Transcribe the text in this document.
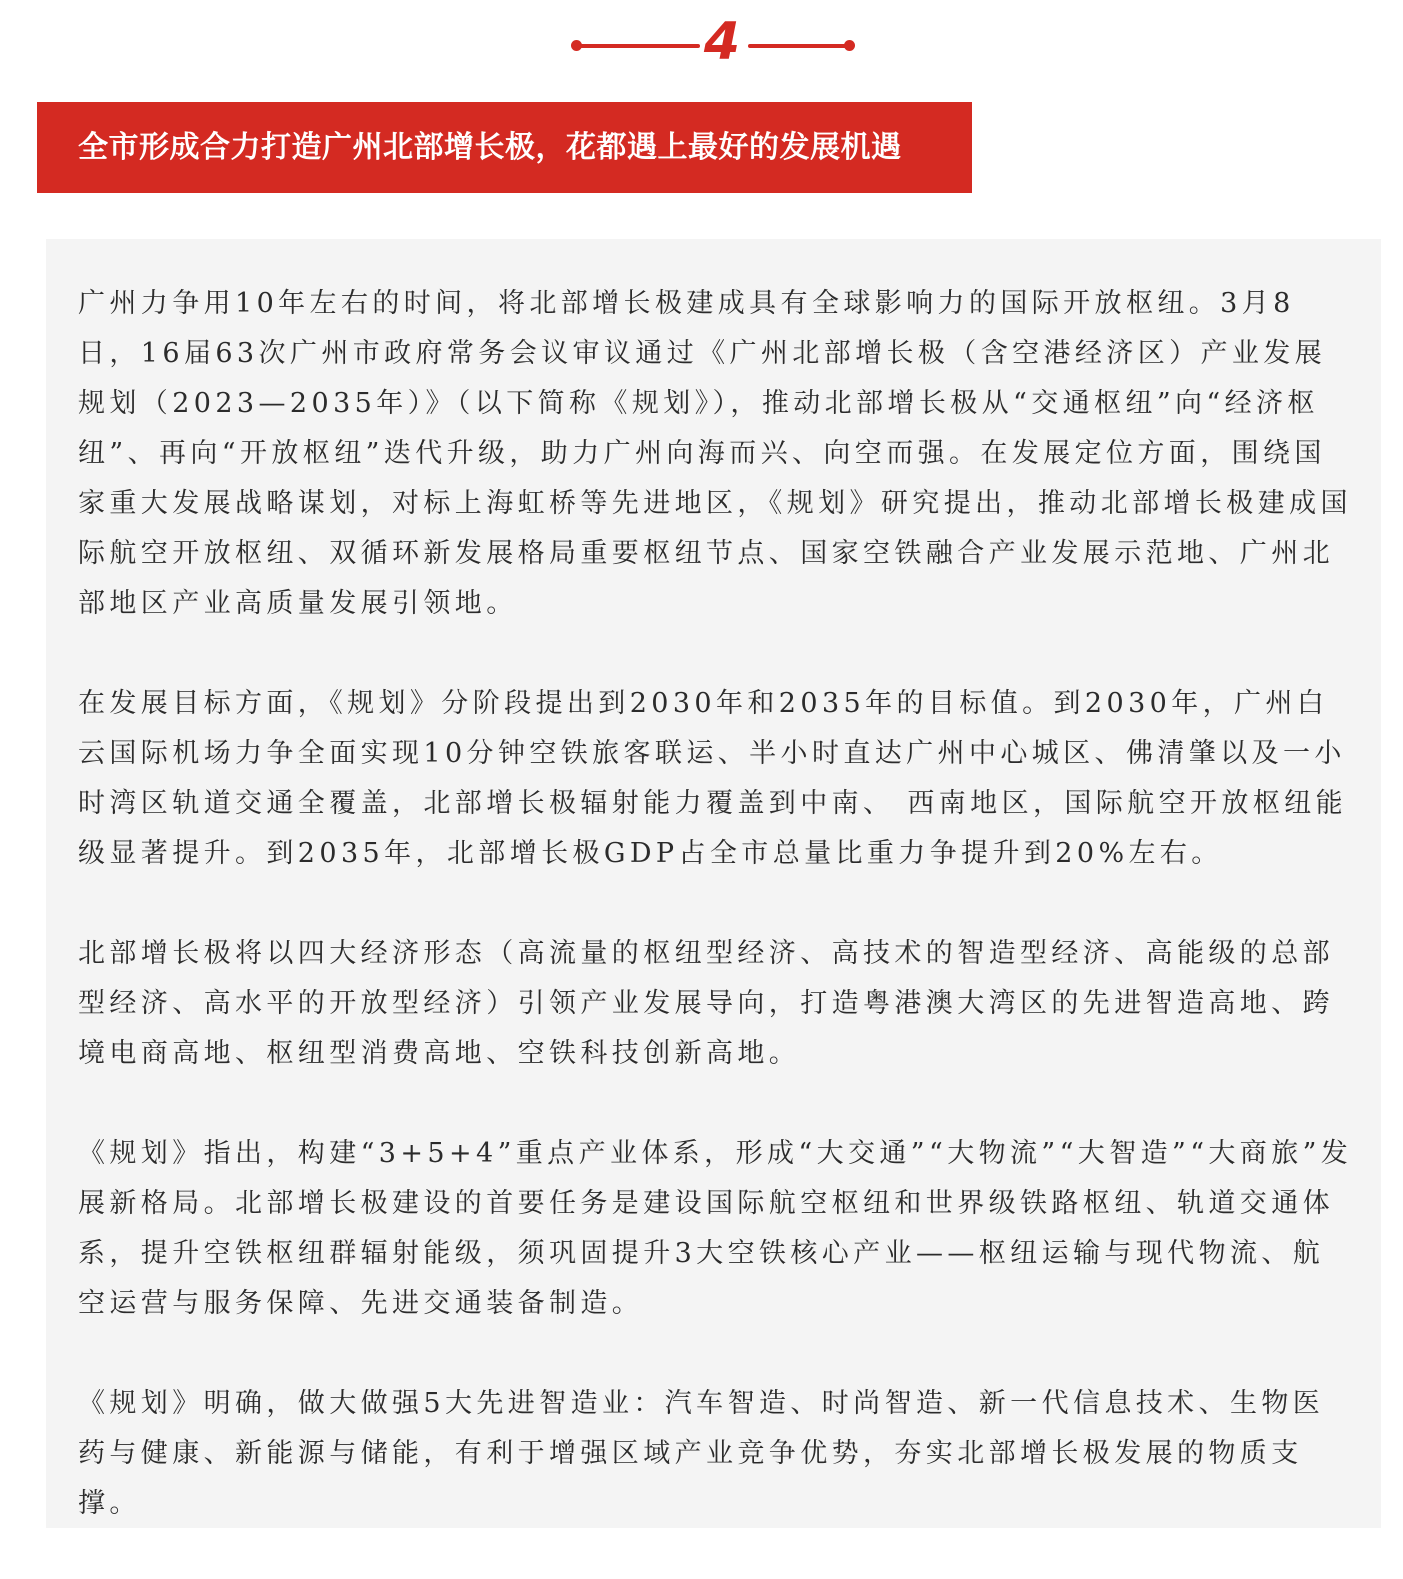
4
全市形成合力打造广州北部增长极，花都遇上最好的发展机遇

广州力争用10年左右的时间，将北部增长极建成具有全球影响力的国际开放枢纽。3月8日，16届63次广州市政府常务会议审议通过《广州北部增长极（含空港经济区）产业发展规划（2023—2035年）》（以下简称《规划》），推动北部增长极从“交通枢纽”向“经济枢纽”、再向“开放枢纽”迭代升级，助力广州向海而兴、向空而强。在发展定位方面，围绕国家重大发展战略谋划，对标上海虹桥等先进地区，《规划》研究提出，推动北部增长极建成国际航空开放枢纽、双循环新发展格局重要枢纽节点、国家空铁融合产业发展示范地、广州北部地区产业高质量发展引领地。

在发展目标方面，《规划》分阶段提出到2030年和2035年的目标值。到2030年，广州白云国际机场力争全面实现10分钟空铁旅客联运、半小时直达广州中心城区、佛清肇以及一小时湾区轨道交通全覆盖，北部增长极辐射能力覆盖到中南、 西南地区，国际航空开放枢纽能级显著提升。到2035年，北部增长极GDP占全市总量比重力争提升到20%左右。

北部增长极将以四大经济形态（高流量的枢纽型经济、高技术的智造型经济、高能级的总部型经济、高水平的开放型经济）引领产业发展导向，打造粤港澳大湾区的先进智造高地、跨境电商高地、枢纽型消费高地、空铁科技创新高地。

《规划》指出，构建“3+5+4”重点产业体系，形成“大交通”“大物流”“大智造”“大商旅”发展新格局。北部增长极建设的首要任务是建设国际航空枢纽和世界级铁路枢纽、轨道交通体系，提升空铁枢纽群辐射能级，须巩固提升3大空铁核心产业——枢纽运输与现代物流、航空运营与服务保障、先进交通装备制造。

《规划》明确，做大做强5大先进智造业：汽车智造、时尚智造、新一代信息技术、生物医药与健康、新能源与储能，有利于增强区域产业竞争优势，夯实北部增长极发展的物质支撑。
